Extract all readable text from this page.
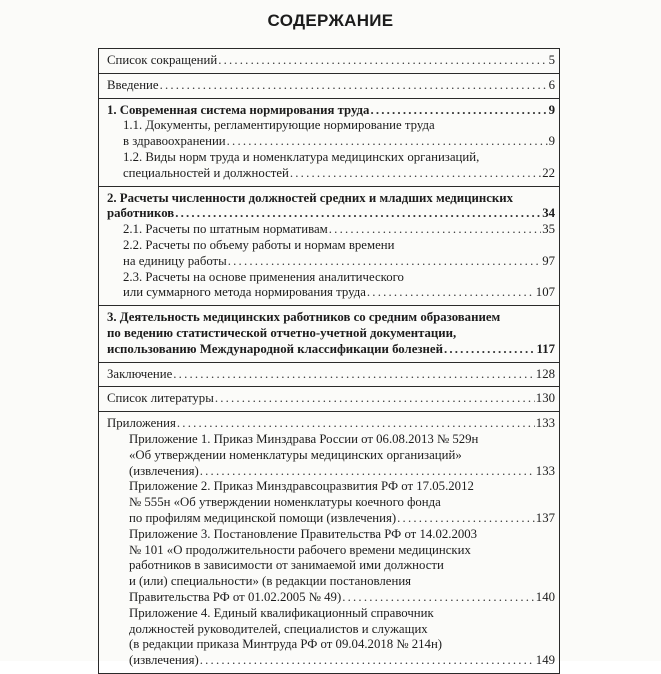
СОДЕРЖАНИЕ
Список сокращений . . .	5
Введение . . .	6
1. Современная система нормирования труда . . .	9
1.1. Документы, регламентирующие нормирование труда
в здравоохранении . . .	9
1.2. Виды норм труда и номенклатура медицинских организаций,
специальностей и должностей . . .	22
2. Расчеты численности должностей средних и младших медицинских
работников . . .	34
2.1. Расчеты по штатным нормативам . . .	35
2.2. Расчеты по объему работы и нормам времени
на единицу работы . . .	97
2.3. Расчеты на основе применения аналитического
или суммарного метода нормирования труда . . .	107
3. Деятельность медицинских работников со средним образованием
по ведению статистической отчетно-учетной документации,
использованию Международной классификации болезней . . .	117
Заключение . . .	128
Список литературы . . .	130
Приложения . . .	133
Приложение 1. Приказ Минздрава России от 06.08.2013 № 529н
«Об утверждении номенклатуры медицинских организаций»
(извлечения) . . .	133
Приложение 2. Приказ Минздравсоцразвития РФ от 17.05.2012
№ 555н «Об утверждении номенклатуры коечного фонда
по профилям медицинской помощи (извлечения) . . .	137
Приложение 3. Постановление Правительства РФ от 14.02.2003
№ 101 «О продолжительности рабочего времени медицинских
работников в зависимости от занимаемой ими должности
и (или) специальности» (в редакции постановления
Правительства РФ от 01.02.2005 № 49) . . .	140
Приложение 4. Единый квалификационный справочник
должностей руководителей, специалистов и служащих
(в редакции приказа Минтруда РФ от 09.04.2018 № 214н)
(извлечения) . . .	149
